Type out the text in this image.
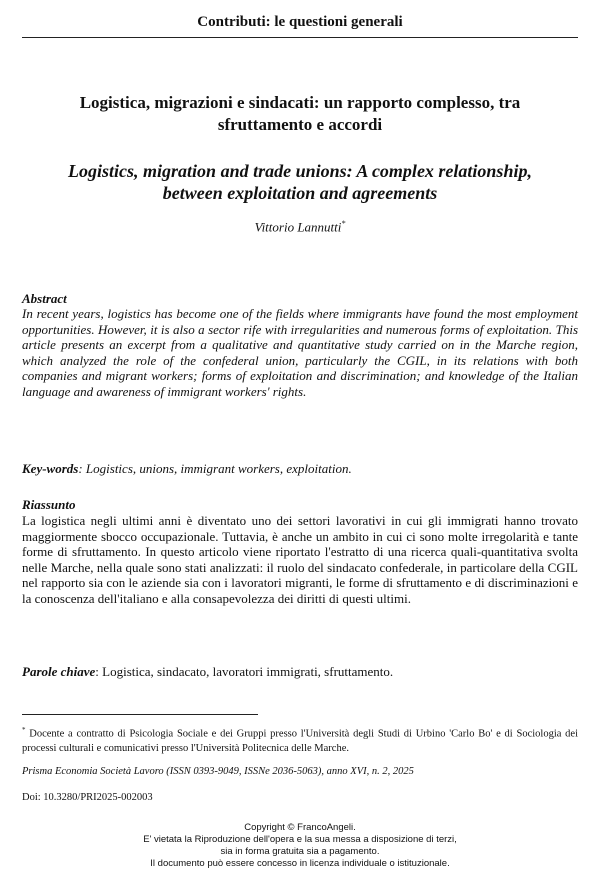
Contributi: le questioni generali
Logistica, migrazioni e sindacati: un rapporto complesso, tra sfruttamento e accordi
Logistics, migration and trade unions: A complex relationship, between exploitation and agreements
Vittorio Lannutti*
Abstract
In recent years, logistics has become one of the fields where immigrants have found the most employment opportunities. However, it is also a sector rife with irregularities and numerous forms of exploitation. This article presents an excerpt from a qualitative and quantitative study carried on in the Marche region, which analyzed the role of the confederal union, particularly the CGIL, in its relations with both companies and migrant workers; forms of exploitation and discrimination; and knowledge of the Italian language and awareness of immigrant workers' rights.
Key-words: Logistics, unions, immigrant workers, exploitation.
Riassunto
La logistica negli ultimi anni è diventato uno dei settori lavorativi in cui gli immigrati hanno trovato maggiormente sbocco occupazionale. Tuttavia, è anche un ambito in cui ci sono molte irregolarità e tante forme di sfruttamento. In questo articolo viene riportato l'estratto di una ricerca quali-quantitativa svolta nelle Marche, nella quale sono stati analizzati: il ruolo del sindacato confederale, in particolare della CGIL nel rapporto sia con le aziende sia con i lavoratori migranti, le forme di sfruttamento e di discriminazioni e la conoscenza dell'italiano e alla consapevolezza dei diritti di questi ultimi.
Parole chiave: Logistica, sindacato, lavoratori immigrati, sfruttamento.
* Docente a contratto di Psicologia Sociale e dei Gruppi presso l'Università degli Studi di Urbino 'Carlo Bo' e di Sociologia dei processi culturali e comunicativi presso l'Università Politecnica delle Marche.
Prisma Economia Società Lavoro (ISSN 0393-9049, ISSNe 2036-5063), anno XVI, n. 2, 2025
Doi: 10.3280/PRI2025-002003
Copyright © FrancoAngeli.
E' vietata la Riproduzione dell'opera e la sua messa a disposizione di terzi,
sia in forma gratuita sia a pagamento.
Il documento può essere concesso in licenza individuale o istituzionale.
